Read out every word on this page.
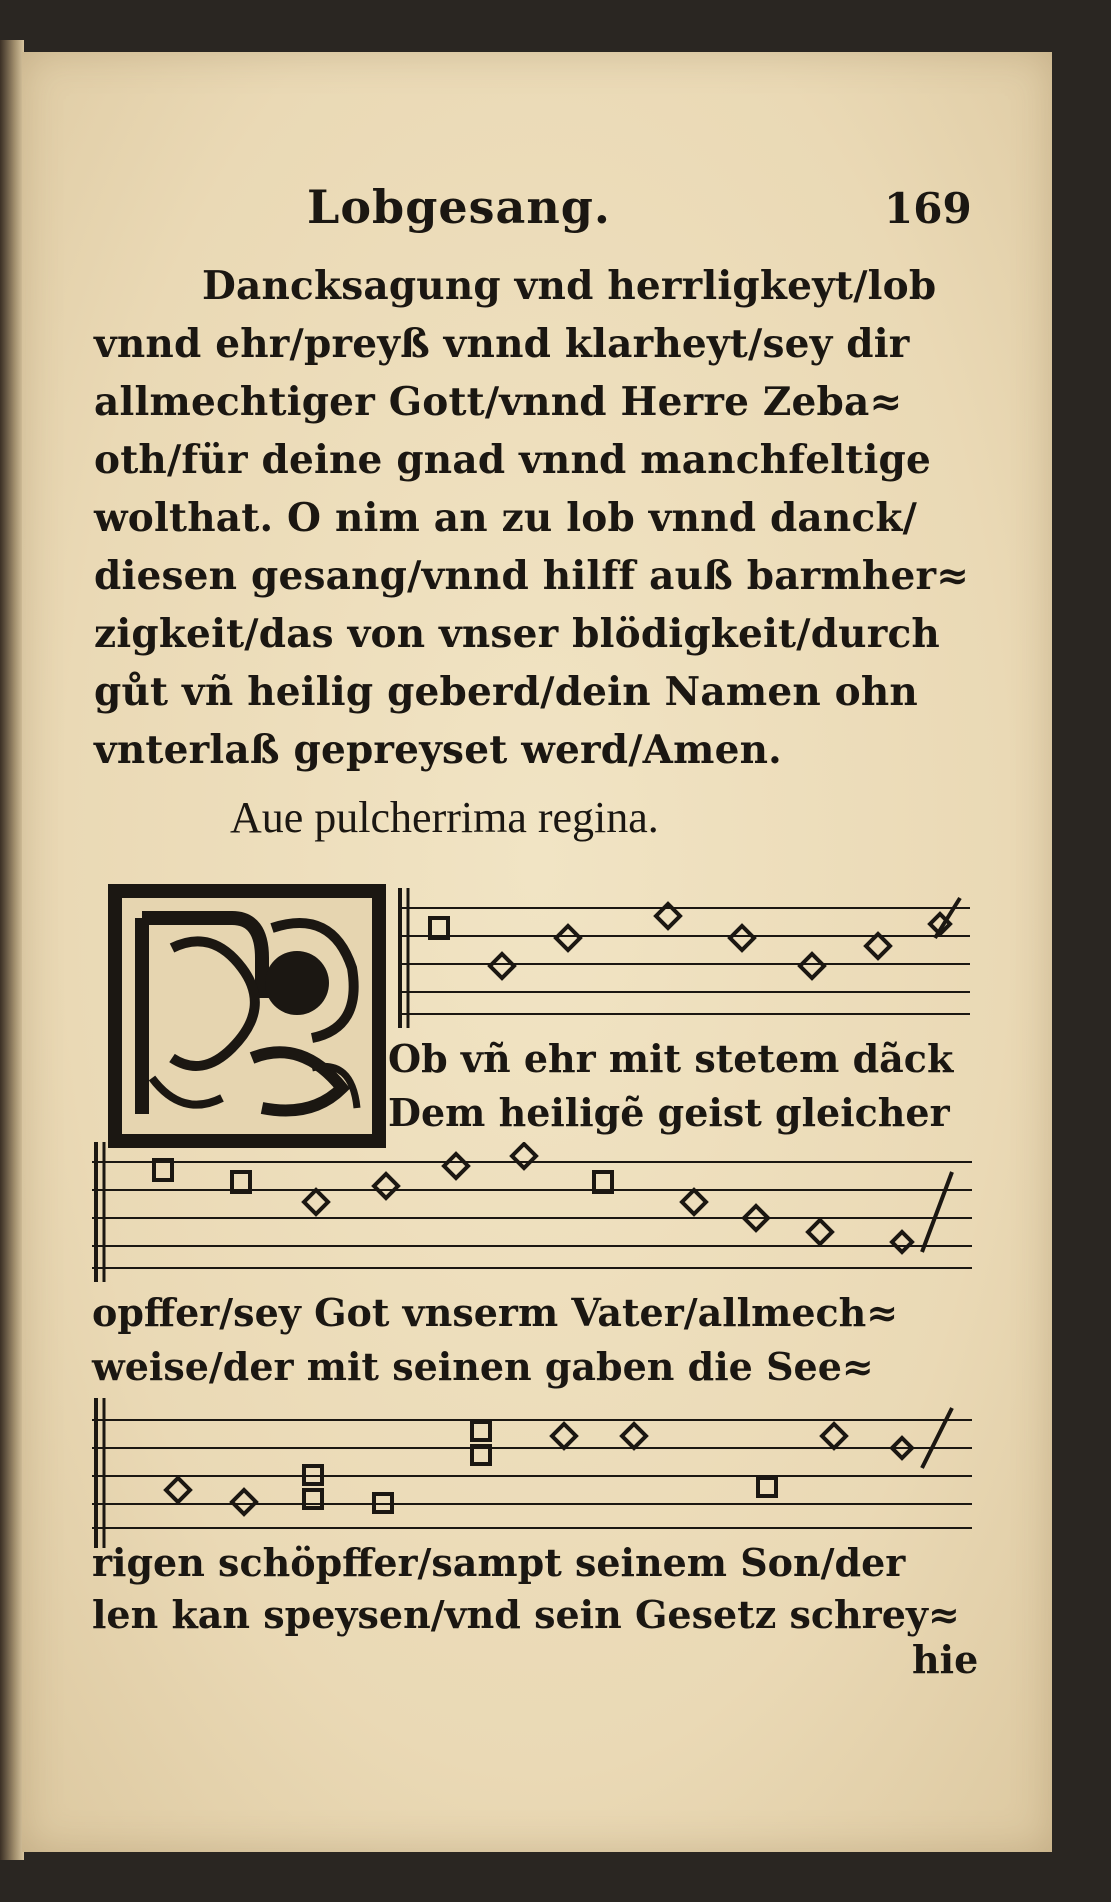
Lobgesang.	169
Dancksagung vnd herrligkeyt/lob
vnnd ehr/preyß vnnd klarheyt/sey dir
allmechtiger Gott/vnnd Herre Zeba≈
oth/für deine gnad vnnd manchfeltige
wolthat. O nim an zu lob vnnd danck/
diesen gesang/vnnd hilff auß barmher≈
zigkeit/das von vnser blödigkeit/durch
gůt vñ heilig geberd/dein Namen ohn
vnterlaß gepreyset werd/Amen.
Aue pulcherrima regina.
Ob vñ ehr mit stetem dãck
Dem heiligẽ geist gleicher
opffer/sey Got vnserm Vater/allmech≈
weise/der mit seinen gaben die See≈
rigen schöpffer/sampt seinem Son/der
len kan speysen/vnd sein Gesetz schrey≈
hie
